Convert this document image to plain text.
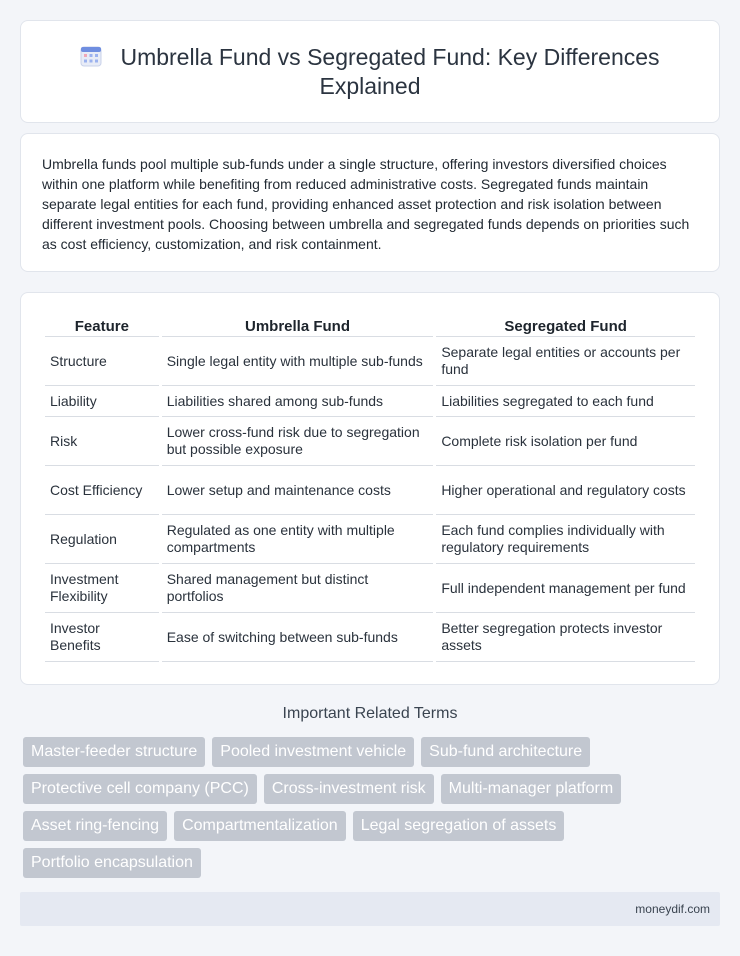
Umbrella Fund vs Segregated Fund: Key Differences Explained

Umbrella funds pool multiple sub-funds under a single structure, offering investors diversified choices within one platform while benefiting from reduced administrative costs. Segregated funds maintain separate legal entities for each fund, providing enhanced asset protection and risk isolation between different investment pools. Choosing between umbrella and segregated funds depends on priorities such as cost efficiency, customization, and risk containment.

Feature	Umbrella Fund	Segregated Fund
Structure	Single legal entity with multiple sub-funds	Separate legal entities or accounts per fund
Liability	Liabilities shared among sub-funds	Liabilities segregated to each fund
Risk	Lower cross-fund risk due to segregation but possible exposure	Complete risk isolation per fund
Cost Efficiency	Lower setup and maintenance costs	Higher operational and regulatory costs
Regulation	Regulated as one entity with multiple compartments	Each fund complies individually with regulatory requirements
Investment Flexibility	Shared management but distinct portfolios	Full independent management per fund
Investor Benefits	Ease of switching between sub-funds	Better segregation protects investor assets
Important Related Terms
Master-feeder structure	Pooled investment vehicle	Sub-fund architecture
Protective cell company (PCC)	Cross-investment risk	Multi-manager platform
Asset ring-fencing	Compartmentalization	Legal segregation of assets
Portfolio encapsulation
moneydif.com
